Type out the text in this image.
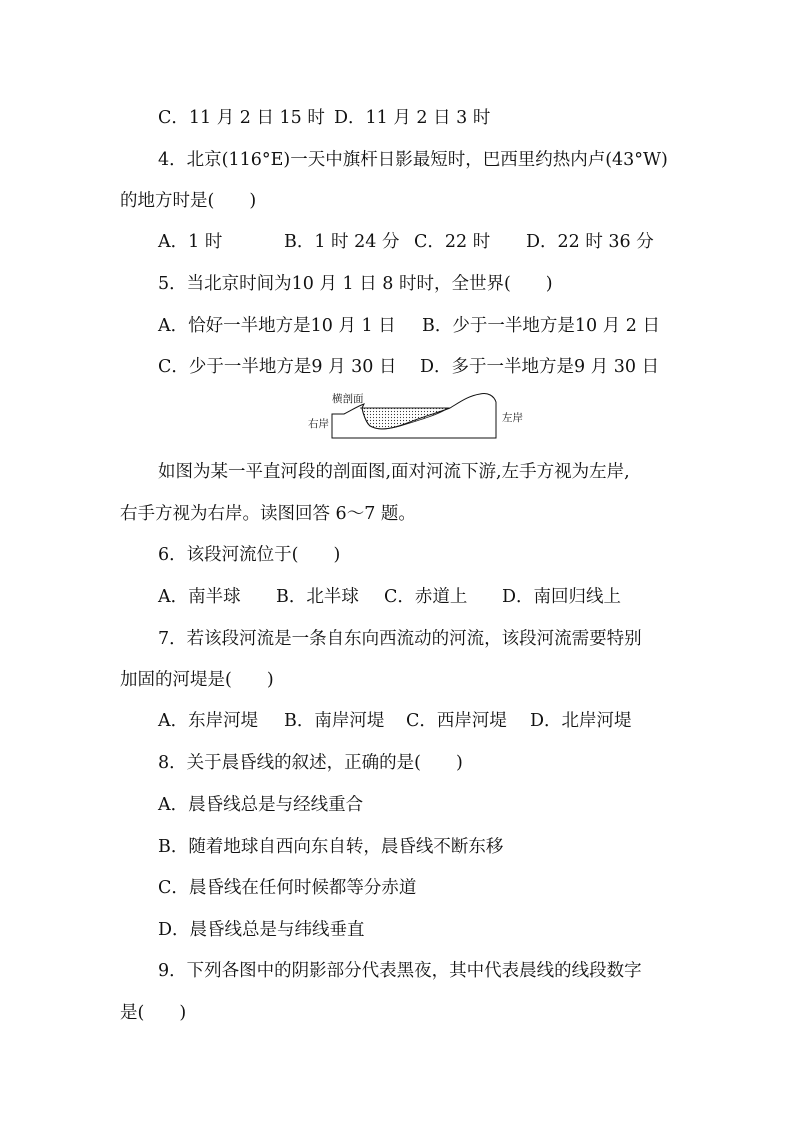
C．11 月 2 日 15 时 D．11 月 2 日 3 时
4．北京(116°E)一天中旗杆日影最短时，巴西里约热内卢(43°W)
的地方时是(　　)
A．1 时	B．1 时 24 分 C．22 时 D．22 时 36 分
5．当北京时间为10 月 1 日 8 时时，全世界(　　)
A．恰好一半地方是10 月 1 日 B．少于一半地方是10 月 2 日
C．少于一半地方是9 月 30 日 D．多于一半地方是9 月 30 日
横剖面
右岸	左岸
如图为某一平直河段的剖面图,面对河流下游,左手方视为左岸,
右手方视为右岸。读图回答 6～7 题。
6．该段河流位于(　　)
A．南半球 B．北半球 C．赤道上 D．南回归线上
7．若该段河流是一条自东向西流动的河流，该段河流需要特别
加固的河堤是(　　)
A．东岸河堤 B．南岸河堤 C．西岸河堤 D．北岸河堤
8．关于晨昏线的叙述，正确的是(　　)
A．晨昏线总是与经线重合
B．随着地球自西向东自转，晨昏线不断东移
C．晨昏线在任何时候都等分赤道
D．晨昏线总是与纬线垂直
9．下列各图中的阴影部分代表黑夜，其中代表晨线的线段数字
是(　　)
